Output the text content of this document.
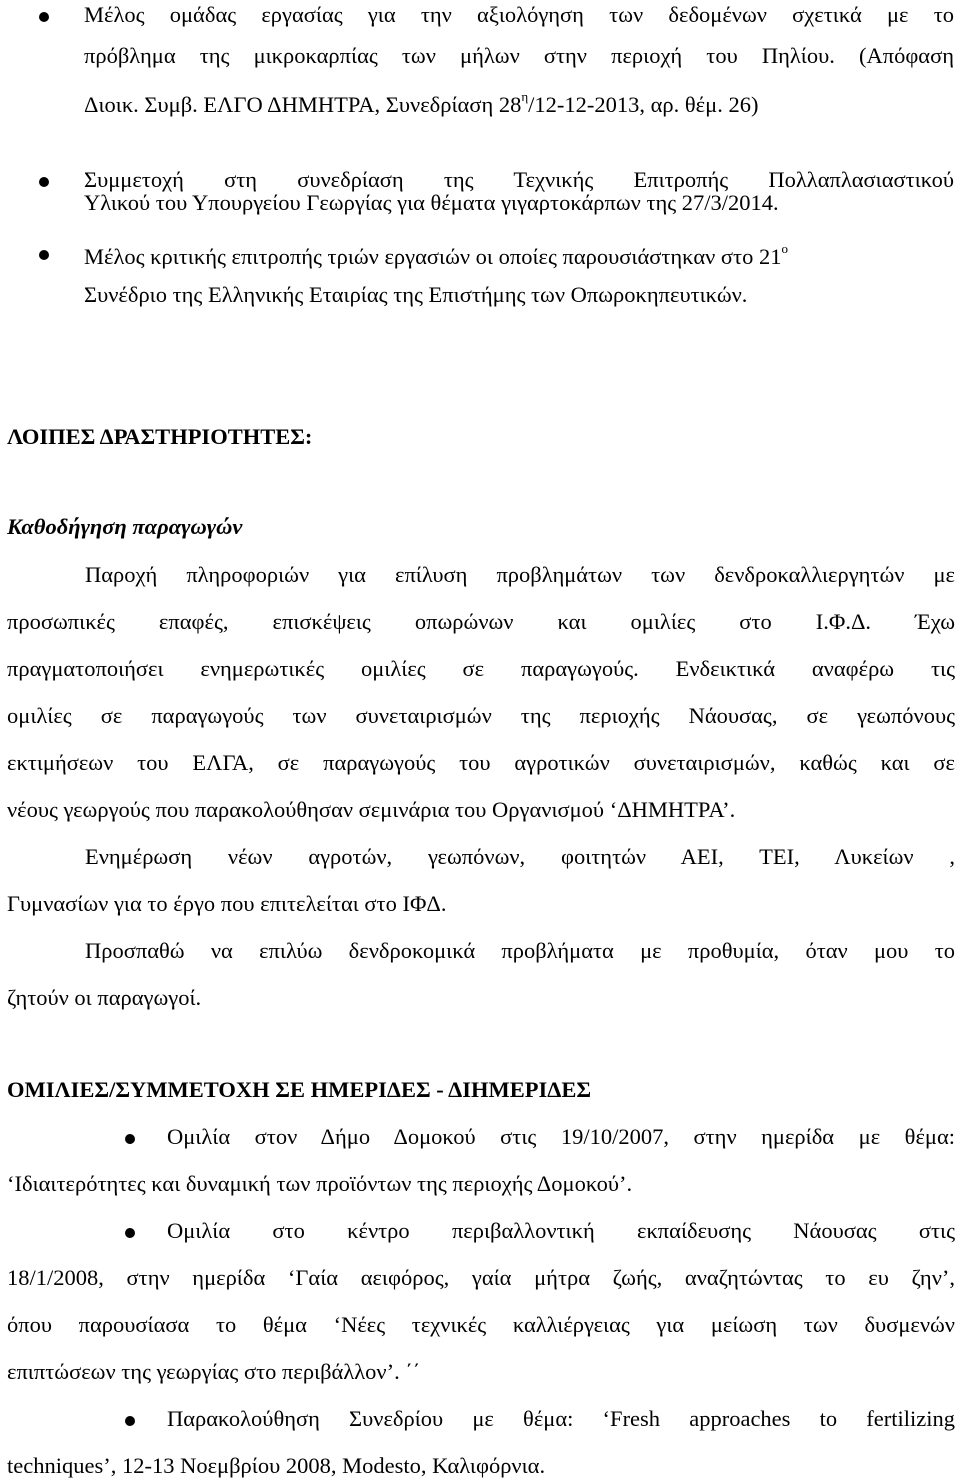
Μέλος ομάδας εργασίας για την αξιολόγηση των δεδομένων σχετικά με το
πρόβλημα της μικροκαρπίας των μήλων στην περιοχή του Πηλίου. (Απόφαση
Διοικ. Συμβ. ΕΛΓΟ ΔΗΜΗΤΡΑ, Συνεδρίαση $28^\eta/12-12-2013$, αρ. θέμ. 26)
Συμμετοχή στη συνεδρίαση της Τεχνικής Επιτροπής Πολλαπλασιαστικού
Υλικού του Υπουργείου Γεωργίας για θέματα γιγαρτοκάρπων της 27/3/2014.
Μέλος κριτικής επιτροπής τριών εργασιών οι οποίες παρουσιάστηκαν στο $21^o$
Συνέδριο της Ελληνικής Εταιρίας της Επιστήμης των Οπωροκηπευτικών.
ΛΟΙΠΕΣ ΔΡΑΣΤΗΡΙΟΤΗΤΕΣ:
Καθοδήγηση παραγωγών
Παροχή πληροφοριών για επίλυση προβλημάτων των δενδροκαλλιεργητών με
προσωπικές επαφές, επισκέψεις οπωρώνων και ομιλίες στο Ι.Φ.Δ. Έχω
πραγματοποιήσει ενημερωτικές ομιλίες σε παραγωγούς. Ενδεικτικά αναφέρω τις
ομιλίες σε παραγωγούς των συνεταιρισμών της περιοχής Νάουσας, σε γεωπόνους
εκτιμήσεων του ΕΛΓΑ, σε παραγωγούς του αγροτικών συνεταιρισμών, καθώς και σε
νέους γεωργούς που παρακολούθησαν σεμινάρια του Οργανισμού ‘ΔΗΜΗΤΡΑ’.
Ενημέρωση νέων αγροτών, γεωπόνων, φοιτητών ΑΕΙ, ΤΕΙ, Λυκείων ,
Γυμνασίων για το έργο που επιτελείται στο ΙΦΔ.
Προσπαθώ να επιλύω δενδροκομικά προβλήματα με προθυμία, όταν μου το
ζητούν οι παραγωγοί.
ΟΜΙΛΙΕΣ/ΣΥΜΜΕΤΟΧΗ ΣΕ ΗΜΕΡΙΔΕΣ - ΔΙΗΜΕΡΙΔΕΣ
Ομιλία στον Δήμο Δομοκού στις 19/10/2007, στην ημερίδα με θέμα:
‘Ιδιαιτερότητες και δυναμική των προϊόντων της περιοχής Δομοκού’.
Ομιλία στο κέντρο περιβαλλοντική εκπαίδευσης Νάουσας στις
18/1/2008, στην ημερίδα ‘Γαία αειφόρος, γαία μήτρα ζωής, αναζητώντας το ευ ζην’,
όπου παρουσίασα το θέμα ‘Νέες τεχνικές καλλιέργειας για μείωση των δυσμενών
επιπτώσεων της γεωργίας στο περιβάλλον’. ΄΄
Παρακολούθηση Συνεδρίου με θέμα: ‘Fresh approaches to fertilizing
techniques’, 12-13 Νοεμβρίου 2008, Modesto, Καλιφόρνια.
